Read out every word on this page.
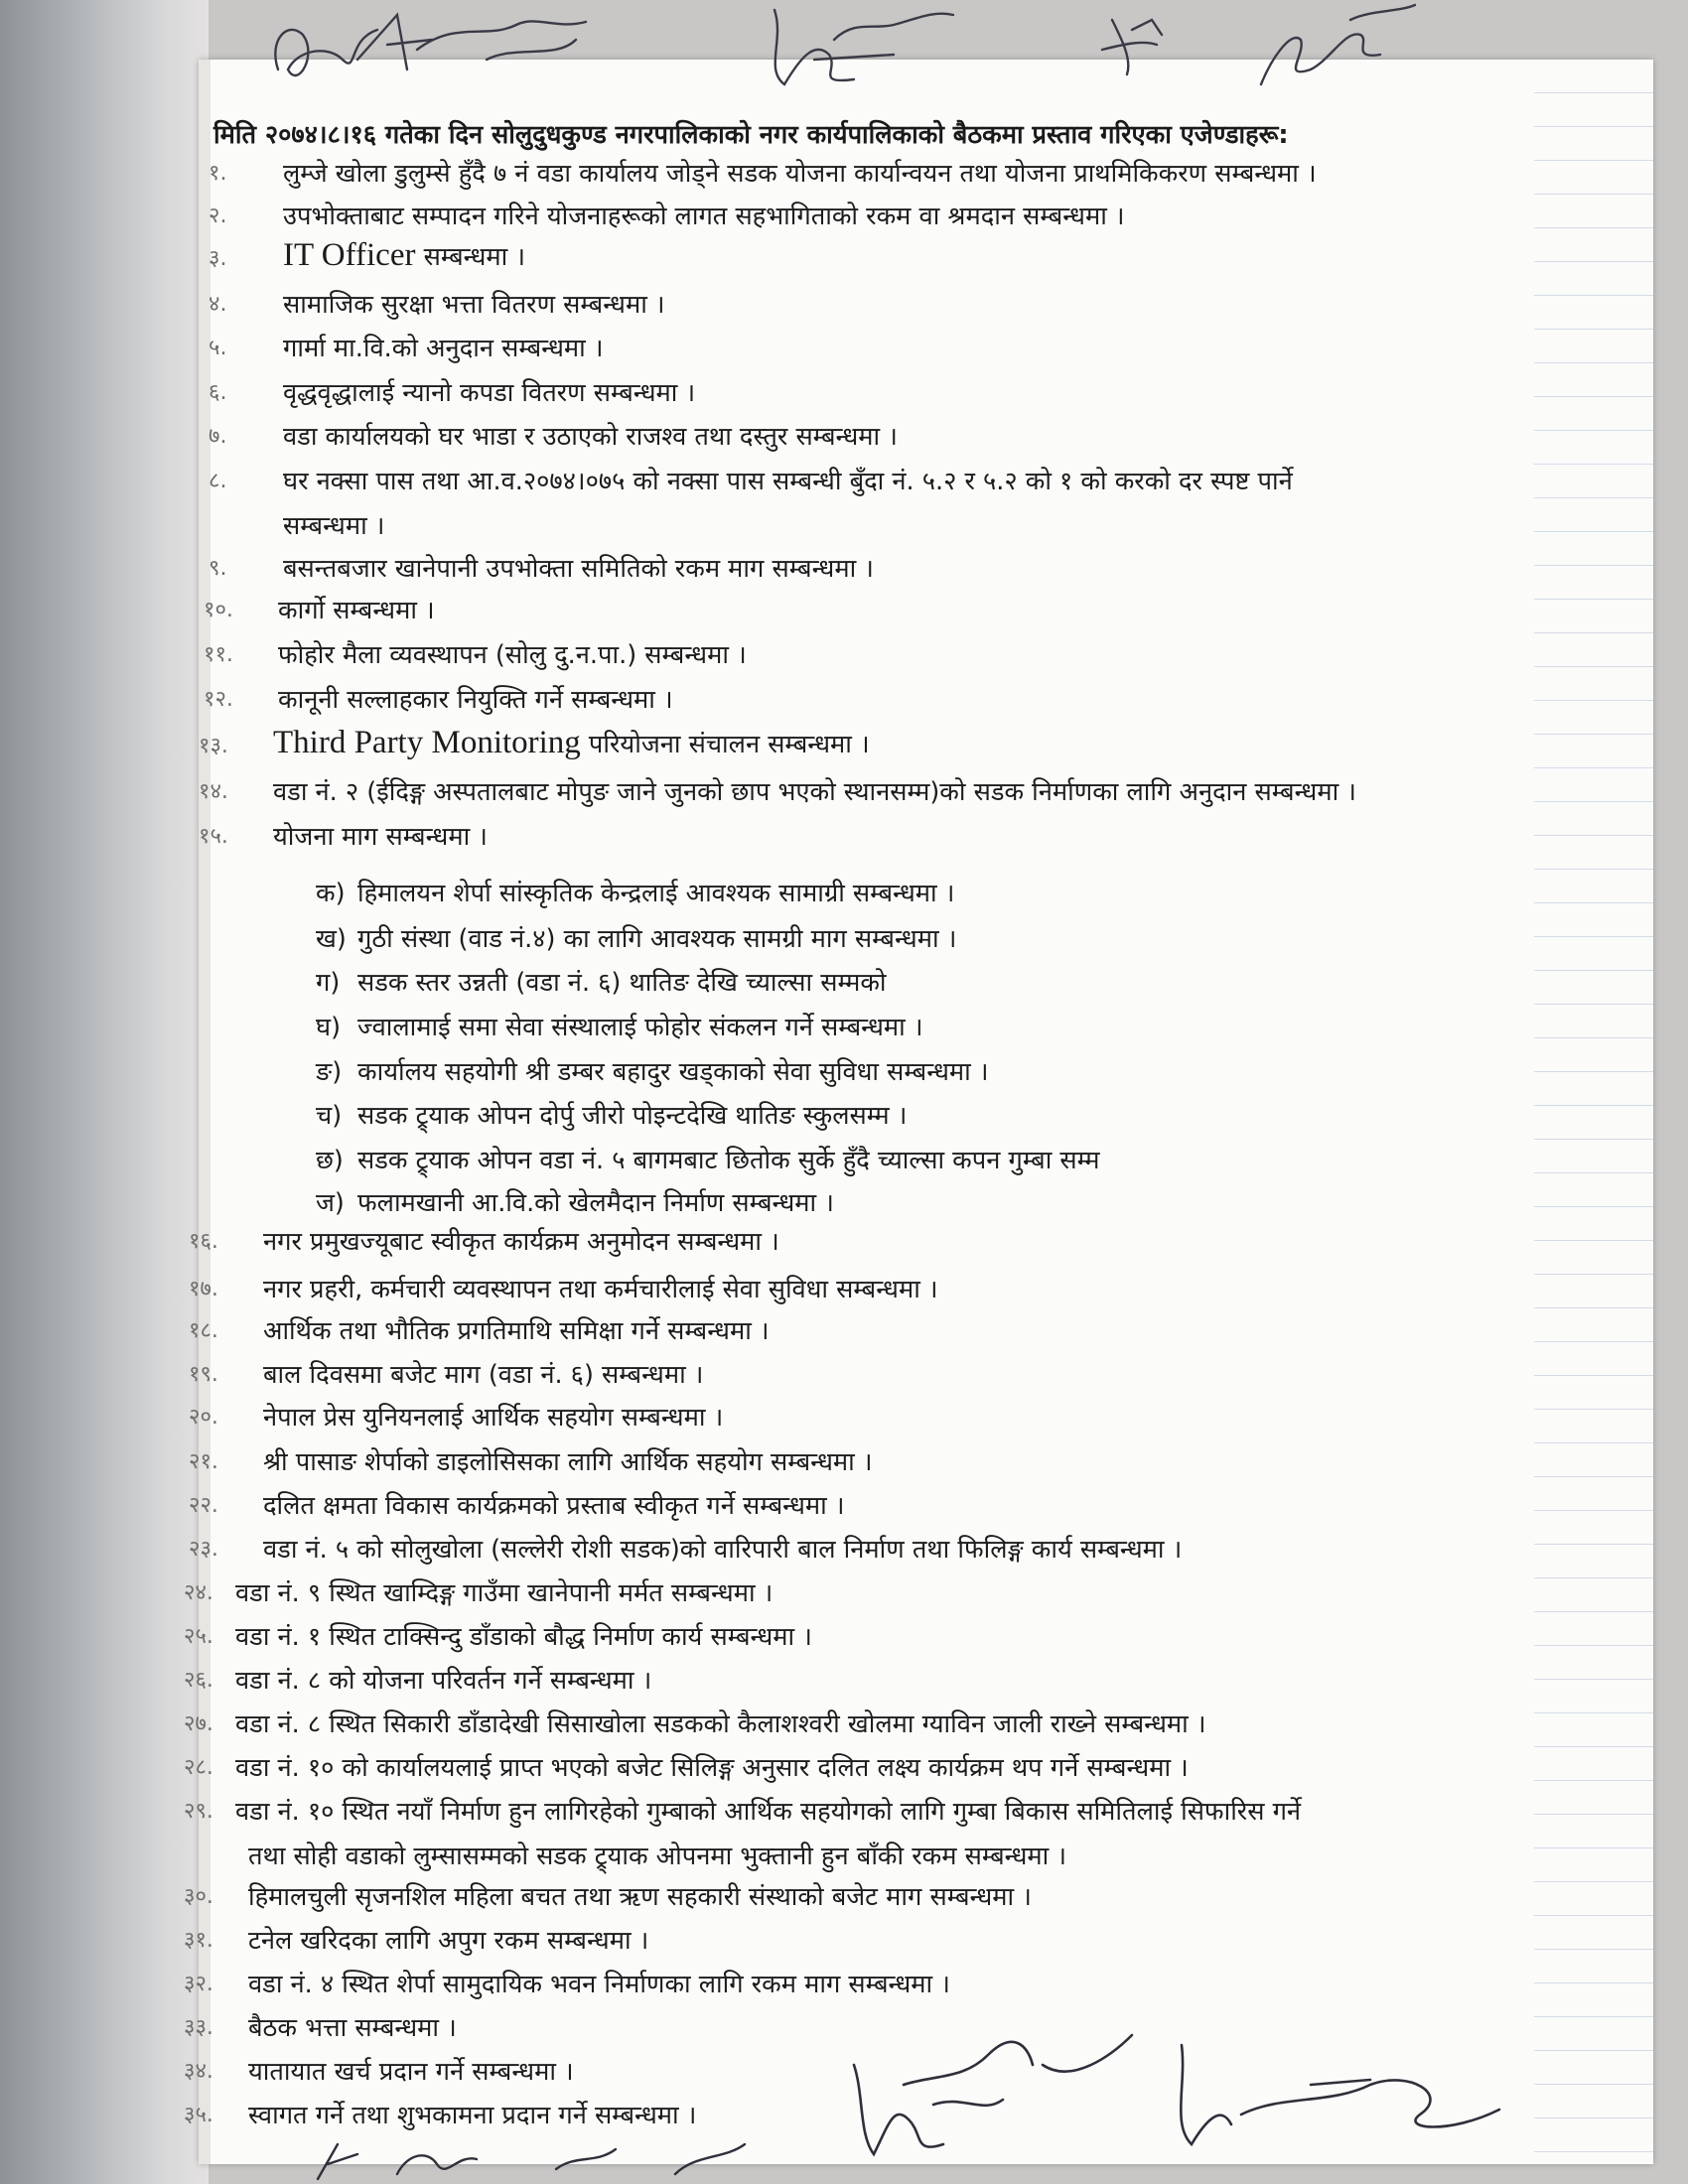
मिति २०७४।८।१६ गतेका दिन सोलुदुधकुण्ड नगरपालिकाको नगर कार्यपालिकाको बैठकमा प्रस्ताव गरिएका एजेण्डाहरू:
१. लुम्जे खोला डुलुम्से हुँदै ७ नं वडा कार्यालय जोड्ने सडक योजना कार्यान्वयन तथा योजना प्राथमिकिकरण सम्बन्धमा ।
२. उपभोक्ताबाट सम्पादन गरिने योजनाहरूको लागत सहभागिताको रकम वा श्रमदान सम्बन्धमा ।
३. IT Officer सम्बन्धमा ।
४. सामाजिक सुरक्षा भत्ता वितरण सम्बन्धमा ।
५. गार्मा मा.वि.को अनुदान सम्बन्धमा ।
६. वृद्धवृद्धालाई न्यानो कपडा वितरण सम्बन्धमा ।
७. वडा कार्यालयको घर भाडा र उठाएको राजश्व तथा दस्तुर सम्बन्धमा ।
८. घर नक्सा पास तथा आ.व.२०७४।०७५ को नक्सा पास सम्बन्धी बुँदा नं. ५.२ र ५.२ को १ को करको दर स्पष्ट पार्ने
सम्बन्धमा ।
९. बसन्तबजार खानेपानी उपभोक्ता समितिको रकम माग सम्बन्धमा ।
१०. कार्गो सम्बन्धमा ।
११. फोहोर मैला व्यवस्थापन (सोलु दु.न.पा.) सम्बन्धमा ।
१२. कानूनी सल्लाहकार नियुक्ति गर्ने सम्बन्धमा ।
१३. Third Party Monitoring परियोजना संचालन सम्बन्धमा ।
१४. वडा नं. २ (ईदिङ्ग अस्पतालबाट मोपुङ जाने जुनको छाप भएको स्थानसम्म)को सडक निर्माणका लागि अनुदान सम्बन्धमा ।
१५. योजना माग सम्बन्धमा ।
क) हिमालयन शेर्पा सांस्कृतिक केन्द्रलाई आवश्यक सामाग्री सम्बन्धमा ।
ख) गुठी संस्था (वाड नं.४) का लागि आवश्यक सामग्री माग सम्बन्धमा ।
ग) सडक स्तर उन्नती (वडा नं. ६) थातिङ देखि च्याल्सा सम्मको
घ) ज्वालामाई समा सेवा संस्थालाई फोहोर संकलन गर्ने सम्बन्धमा ।
ङ) कार्यालय सहयोगी श्री डम्बर बहादुर खड्काको सेवा सुविधा सम्बन्धमा ।
च) सडक ट्र्याक ओपन दोर्पु जीरो पोइन्टदेखि थातिङ स्कुलसम्म ।
छ) सडक ट्र्याक ओपन वडा नं. ५ बागमबाट छितोक सुर्के हुँदै च्याल्सा कपन गुम्बा सम्म
ज) फलामखानी आ.वि.को खेलमैदान निर्माण सम्बन्धमा ।
१६. नगर प्रमुखज्यूबाट स्वीकृत कार्यक्रम अनुमोदन सम्बन्धमा ।
१७. नगर प्रहरी, कर्मचारी व्यवस्थापन तथा कर्मचारीलाई सेवा सुविधा सम्बन्धमा ।
१८. आर्थिक तथा भौतिक प्रगतिमाथि समिक्षा गर्ने सम्बन्धमा ।
१९. बाल दिवसमा बजेट माग (वडा नं. ६) सम्बन्धमा ।
२०. नेपाल प्रेस युनियनलाई आर्थिक सहयोग सम्बन्धमा ।
२१. श्री पासाङ शेर्पाको डाइलोसिसका लागि आर्थिक सहयोग सम्बन्धमा ।
२२. दलित क्षमता विकास कार्यक्रमको प्रस्ताब स्वीकृत गर्ने सम्बन्धमा ।
२३. वडा नं. ५ को सोलुखोला (सल्लेरी रोशी सडक)को वारिपारी बाल निर्माण तथा फिलिङ्ग कार्य सम्बन्धमा ।
२४. वडा नं. ९ स्थित खाम्दिङ्ग गाउँमा खानेपानी मर्मत सम्बन्धमा ।
२५. वडा नं. १ स्थित टाक्सिन्दु डाँडाको बौद्ध निर्माण कार्य सम्बन्धमा ।
२६. वडा नं. ८ को योजना परिवर्तन गर्ने सम्बन्धमा ।
२७. वडा नं. ८ स्थित सिकारी डाँडादेखी सिसाखोला सडकको कैलाशश्वरी खोलमा ग्याविन जाली राख्ने सम्बन्धमा ।
२८. वडा नं. १० को कार्यालयलाई प्राप्त भएको बजेट सिलिङ्ग अनुसार दलित लक्ष्य कार्यक्रम थप गर्ने सम्बन्धमा ।
२९. वडा नं. १० स्थित नयाँ निर्माण हुन लागिरहेको गुम्बाको आर्थिक सहयोगको लागि गुम्बा बिकास समितिलाई सिफारिस गर्ने
तथा सोही वडाको लुम्सासम्मको सडक ट्र्याक ओपनमा भुक्तानी हुन बाँकी रकम सम्बन्धमा ।
३०. हिमालचुली सृजनशिल महिला बचत तथा ऋण सहकारी संस्थाको बजेट माग सम्बन्धमा ।
३१. टनेल खरिदका लागि अपुग रकम सम्बन्धमा ।
३२. वडा नं. ४ स्थित शेर्पा सामुदायिक भवन निर्माणका लागि रकम माग सम्बन्धमा ।
३३. बैठक भत्ता सम्बन्धमा ।
३४. यातायात खर्च प्रदान गर्ने सम्बन्धमा ।
३५. स्वागत गर्ने तथा शुभकामना प्रदान गर्ने सम्बन्धमा ।
